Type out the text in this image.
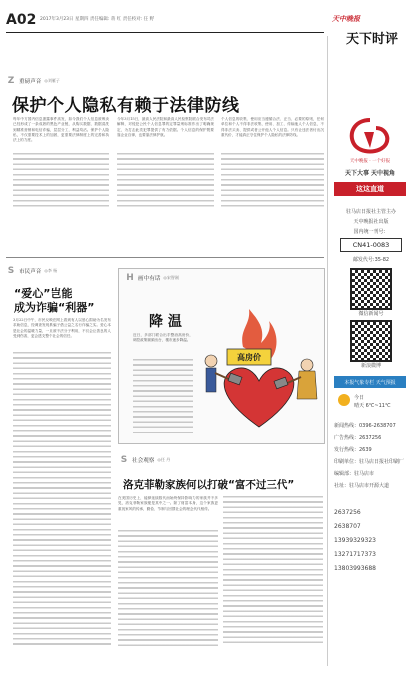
A02 2017年3月23日 星期四 责任编辑: 蒋 红 责任校对: 任 野
Z 重磅声音 ◎刘雁子
保护个人隐私有赖于法律防线
每年中方国内信息泄露事件高发，如今我们个人信息被贩卖已经形成了一条成熟的黑色产业链，从购买数据、数据清洗到精准营销和电信诈骗，层层分工，利益均沾。保护个人隐私，不仅需要技术上的加固，更需要法律制度上的完善和执法上的力度。
今年3月15日，最高人民法院和最高人民检察院联合发布司法解释，对侵犯公民个人信息罪的定罪量刑标准作出了明确规定，为打击此类犯罪提供了有力依据。个人信息的保护既要靠企业自律，也要靠法律护航。
个人信息的收集、使用应当遵循合法、正当、必要的原则，任何单位和个人不得非法收集、使用、加工、传输他人个人信息，不得非法买卖、提供或者公开他人个人信息。只有让违法者付出沉重代价，才能真正守住保护个人隐私的法律防线。
S 市民声音 ◎李 杨
“爱心”岂能
成为诈骗“利器”
3月22日中午，市民反映在网上看到有人以爱心捐助为名发布求助信息，经调查发现系骗子借公益之名行诈骗之实。爱心本是社会的温暖力量，一旦被不法分子利用，不仅会让善良的人受到伤害，更会透支整个社会的信任。
H 画中有话 ◎宋智刚
降 温
近日，多部门联合出手整治高房价，调控政策频频出台，楼市逐步降温。
高房价
S 社会观察 ◎任 丹
洛克菲勒家族何以打破“富不过三代”
在美国历史上，能够延续数代而始终保持影响力的家族并不多见，洛克菲勒家族便是其中之一。除了财富本身，这个家族更重视家风的传承，勤俭、节制与回馈社会的理念代代相传。
天中晚报
天下时评
天中晚报 · 一个好报
天下大事 天中视角
这这直道
驻马店日报社主管主办
天中晚报社出版
国内统一刊号：
CN41-0083
邮发代号:35-82
微信新闻号
新浪微博
本报气象专栏 天气预报
今日
晴天 6℃~11℃
新闻热线：0396-2638707
广告热线：2637256
发行热线：2639
印刷单位：驻马店日报社印刷厂
编辑部：驻马店市
社址：驻马店市开源大道
2637256
2638707
13939329323
13271717373
13803993688
